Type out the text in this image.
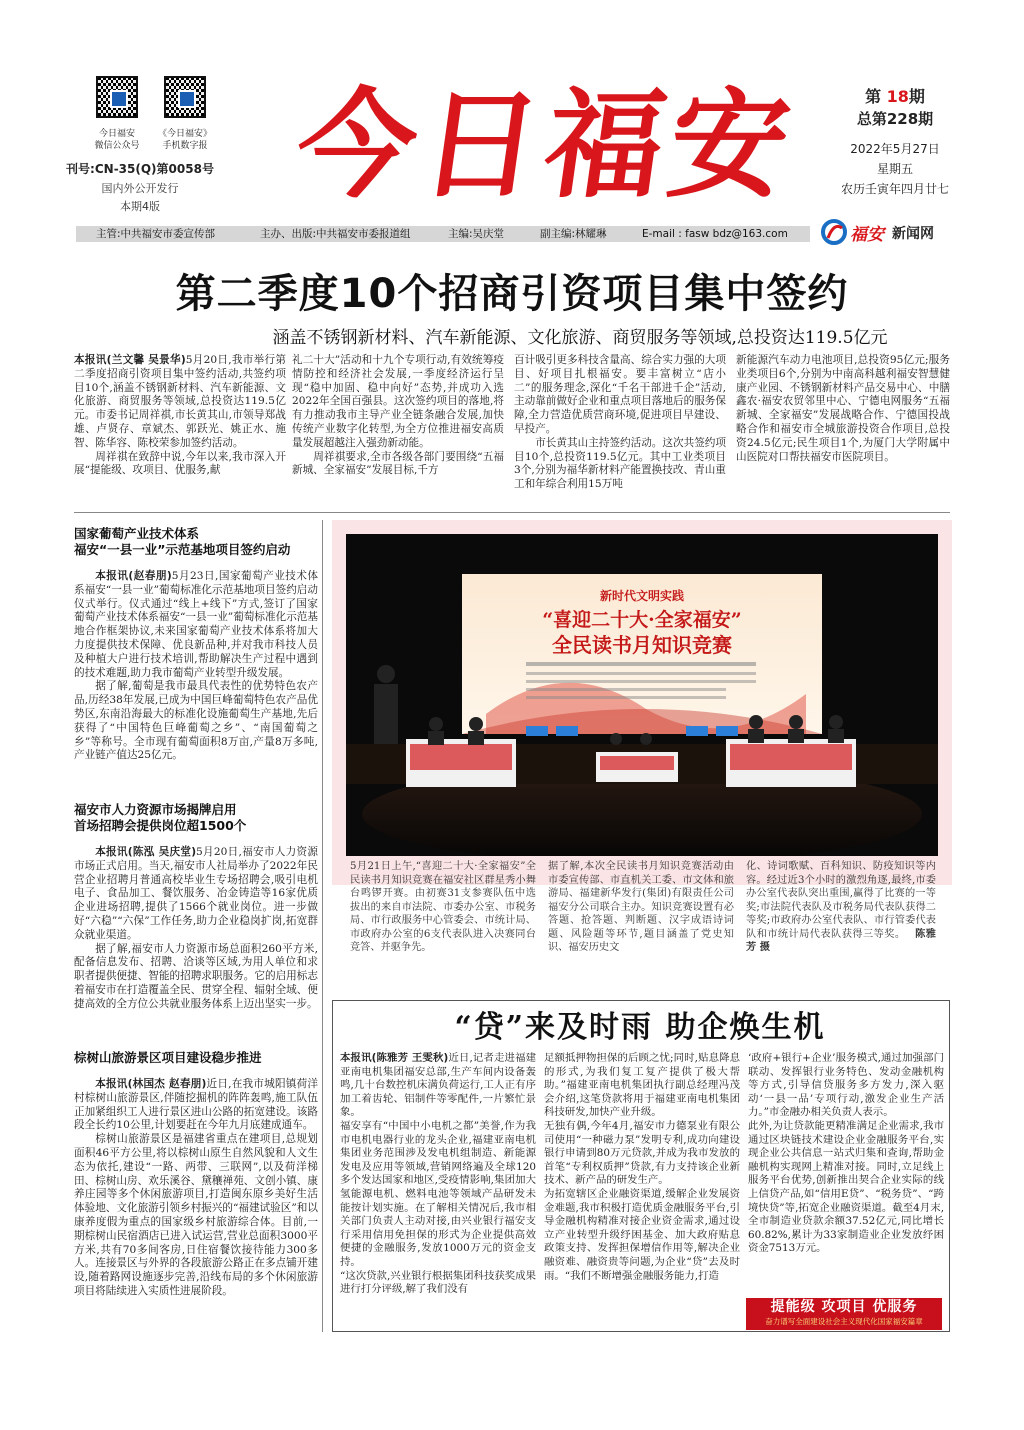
今日福安
微信公众号
《今日福安》
手机数字报
刊号:CN-35(Q)第0058号
国内外公开发行
本期4版	今日福安	第 18期
总第228期
2022年5月27日
星期五
农历壬寅年四月廿七
主管:中共福安市委宣传部	主办、出版:中共福安市委报道组	主编:吴庆堂	副主编:林耀琳	E-mail : fasw bdz@163.com	福安 新闻网
第二季度10个招商引资项目集中签约
涵盖不锈钢新材料、汽车新能源、文化旅游、商贸服务等领域,总投资达119.5亿元
本报讯(兰文馨 吴景华)5月20日,我市举行第二季度招商引资项目集中签约活动,共签约项目10个,涵盖不锈钢新材料、汽车新能源、文化旅游、商贸服务等领域,总投资达119.5亿元。市委书记周祥祺,市长黄其山,市领导郑战雄、卢贤存、章斌杰、郭跃光、姚正水、施智、陈华容、陈校荣参加签约活动。
周祥祺在致辞中说,今年以来,我市深入开展“提能级、攻项目、优服务,献
礼二十大”活动和十九个专项行动,有效统筹疫情防控和经济社会发展,一季度经济运行呈现“稳中加固、稳中向好”态势,并成功入选2022年全国百强县。这次签约项目的落地,将有力推动我市主导产业全链条融合发展,加快传统产业数字化转型,为全方位推进福安高质量发展超越注入强劲新动能。
周祥祺要求,全市各级各部门要围绕“五福新城、全家福安”发展目标,千方
百计吸引更多科技含量高、综合实力强的大项目、好项目扎根福安。要丰富树立“店小二”的服务理念,深化“千名干部进千企”活动,主动靠前做好企业和重点项目落地后的服务保障,全力营造优质营商环境,促进项目早建设、早投产。
市长黄其山主持签约活动。这次共签约项目10个,总投资119.5亿元。其中工业类项目3个,分别为福华新材料产能置换技改、青山重工和年综合利用15万吨
新能源汽车动力电池项目,总投资95亿元;服务业类项目6个,分别为中南高科越利福安智慧健康产业园、不锈钢新材料产品交易中心、中膳鑫农·福安农贸邻里中心、宁德电网服务“五福新城、全家福安”发展战略合作、宁德国投战略合作和福安市全城旅游投资合作项目,总投资24.5亿元;民生项目1个,为厦门大学附属中山医院对口帮扶福安市医院项目。
国家葡萄产业技术体系
福安“一县一业”示范基地项目签约启动
本报讯(赵春朋)5月23日,国家葡萄产业技术体系福安“一县一业”葡萄标准化示范基地项目签约启动仪式举行。仪式通过“线上+线下”方式,签订了国家葡萄产业技术体系福安“一县一业”葡萄标准化示范基地合作框架协议,未来国家葡萄产业技术体系将加大力度提供技术保障、优良新品种,并对我市科技人员及种植大户进行技术培训,帮助解决生产过程中遇到的技术难题,助力我市葡萄产业转型升级发展。
据了解,葡萄是我市最具代表性的优势特色农产品,历经38年发展,已成为中国巨峰葡萄特色农产品优势区,东南沿海最大的标准化设施葡萄生产基地,先后获得了“中国特色巨峰葡萄之乡”、“南国葡萄之乡”等称号。全市现有葡萄面积8万亩,产量8万多吨,产业链产值达25亿元。
福安市人力资源市场揭牌启用
首场招聘会提供岗位超1500个
本报讯(陈泓 吴庆堂)5月20日,福安市人力资源市场正式启用。当天,福安市人社局举办了2022年民营企业招聘月普通高校毕业生专场招聘会,吸引电机电子、食品加工、餐饮服务、冶金铸造等16家优质企业进场招聘,提供了1566个就业岗位。进一步做好“六稳”“六保”工作任务,助力企业稳岗扩岗,拓宽群众就业渠道。
据了解,福安市人力资源市场总面积260平方米,配备信息发布、招聘、洽谈等区域,为用人单位和求职者提供便捷、智能的招聘求职服务。它的启用标志着福安市在打造覆盖全民、贯穿全程、辐射全域、便捷高效的全方位公共就业服务体系上迈出坚实一步。
棕树山旅游景区项目建设稳步推进
本报讯(林国杰 赵春朋)近日,在我市城阳镇荷洋村棕树山旅游景区,伴随挖掘机的阵阵轰鸣,施工队伍正加紧组织工人进行景区进山公路的拓宽建设。该路段全长约10公里,计划要赶在今年九月底建成通车。
棕树山旅游景区是福建省重点在建项目,总规划面积46平方公里,将以棕树山原生自然风貌和人文生态为依托,建设“一路、两带、三联网”,以及荷洋梯田、棕树山房、欢乐溪谷、黛穰禅苑、文创小镇、康养庄园等多个休闲旅游项目,打造闽东原乡美好生活体验地、文化旅游引领乡村振兴的“福建试验区”和以康养度假为重点的国家级乡村旅游综合体。目前,一期棕树山民宿酒店已进入试运营,营业总面积3000平方米,共有70多间客房,日住宿餐饮接待能力300多人。连接景区与外界的各段旅游公路正在多点铺开建设,随着路网设施逐步完善,沿线布局的多个休闲旅游项目将陆续进入实质性进展阶段。
新时代文明实践
“喜迎二十大·全家福安”
全民读书月知识竞赛
5月21日上午,“喜迎二十大·全家福安”全民读书月知识竞赛在福安社区群星秀小舞台鸣锣开赛。由初赛31支参赛队伍中选拔出的来自市法院、市委办公室、市税务局、市行政服务中心管委会、市统计局、市政府办公室的6支代表队进入决赛同台竞答、并驱争先。
据了解,本次全民读书月知识竞赛活动由市委宣传部、市直机关工委、市文体和旅游局、福建新华发行(集团)有限责任公司福安分公司联合主办。知识竞赛设置有必答题、抢答题、判断题、汉字成语诗词题、风险题等环节,题目涵盖了党史知识、福安历史文
化、诗词歌赋、百科知识、防疫知识等内容。经过近3个小时的激烈角逐,最终,市委办公室代表队突出重围,赢得了比赛的一等奖;市法院代表队及市税务局代表队获得二等奖;市政府办公室代表队、市行管委代表队和市统计局代表队获得三等奖。 陈雅芳 摄
“贷”来及时雨 助企焕生机
本报讯(陈雅芳 王雯秋)近日,记者走进福建亚南电机集团福安总部,生产车间内设备轰鸣,几十台数控机床满负荷运行,工人正有序加工着齿轮、铝制件等零配件,一片繁忙景象。
福安享有“中国中小电机之都”美誉,作为我市电机电器行业的龙头企业,福建亚南电机集团业务范围涉及发电机组制造、新能源发电及应用等领域,营销网络遍及全球120多个发达国家和地区,受疫情影响,集团加大氢能源电机、燃料电池等领域产品研发未能按计划实施。在了解相关情况后,我市相关部门负责人主动对接,由兴业银行福安支行采用信用免担保的形式为企业提供高效便捷的金融服务,发放1000万元的资金支持。
“这次贷款,兴业银行根据集团科技获奖成果进行打分评级,解了我们没有
足额抵押物担保的后顾之忧;同时,贴息降息的形式,为我们复工复产提供了极大帮助。”福建亚南电机集团执行副总经理冯茂会介绍,这笔贷款将用于福建亚南电机集团科技研发,加快产业升级。
无独有偶,今年4月,福安市力德泵业有限公司使用“一种磁力泵”发明专利,成功向建设银行申请到80万元贷款,并成为我市发放的首笔“专利权质押”贷款,有力支持该企业新技术、新产品的研发生产。
为拓宽辖区企业融资渠道,缓解企业发展资金难题,我市积极打造优质金融服务平台,引导金融机构精准对接企业资金需求,通过设立产业转型升级纾困基金、加大政府贴息政策支持、发挥担保增信作用等,解决企业融资难、融资贵等问题,为企业“贷”去及时雨。“我们不断增强金融服务能力,打造
‘政府+银行+企业’服务模式,通过加强部门联动、发挥银行业务特色、发动金融机构等方式,引导信贷服务多方发力,深入驱动‘一县一品’专项行动,激发企业生产活力。”市金融办相关负责人表示。
此外,为让贷款能更精准满足企业需求,我市通过区块链技术建设企业金融服务平台,实现企业公共信息一站式归集和查询,帮助金融机构实现网上精准对接。同时,立足线上服务平台优势,创新推出契合企业实际的线上信贷产品,如“信用E贷”、“税务贷”、“跨境快贷”等,拓宽企业融资渠道。截至4月末,全市制造业贷款余额37.52亿元,同比增长60.82%,累计为33家制造业企业发放纾困资金7513万元。
提能级 攻项目 优服务
奋力谱写全面建设社会主义现代化国家福安篇章
